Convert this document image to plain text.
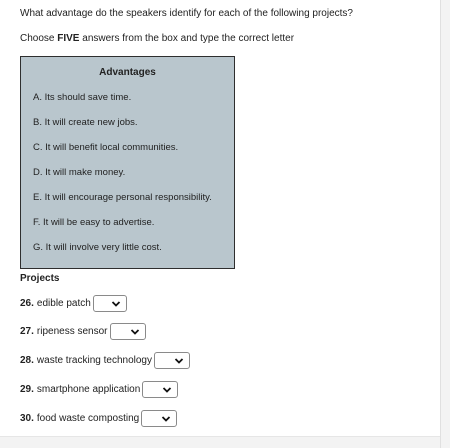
What advantage do the speakers identify for each of the following projects?
Choose FIVE answers from the box and type the correct letter
Advantages
A. Its should save time.
B. It will create new jobs.
C. It will benefit local communities.
D. It will make money.
E. It will encourage personal responsibility.
F. It will be easy to advertise.
G. It will involve very little cost.
Projects
26. edible patch
27. ripeness sensor
28. waste tracking technology
29. smartphone application
30. food waste composting
